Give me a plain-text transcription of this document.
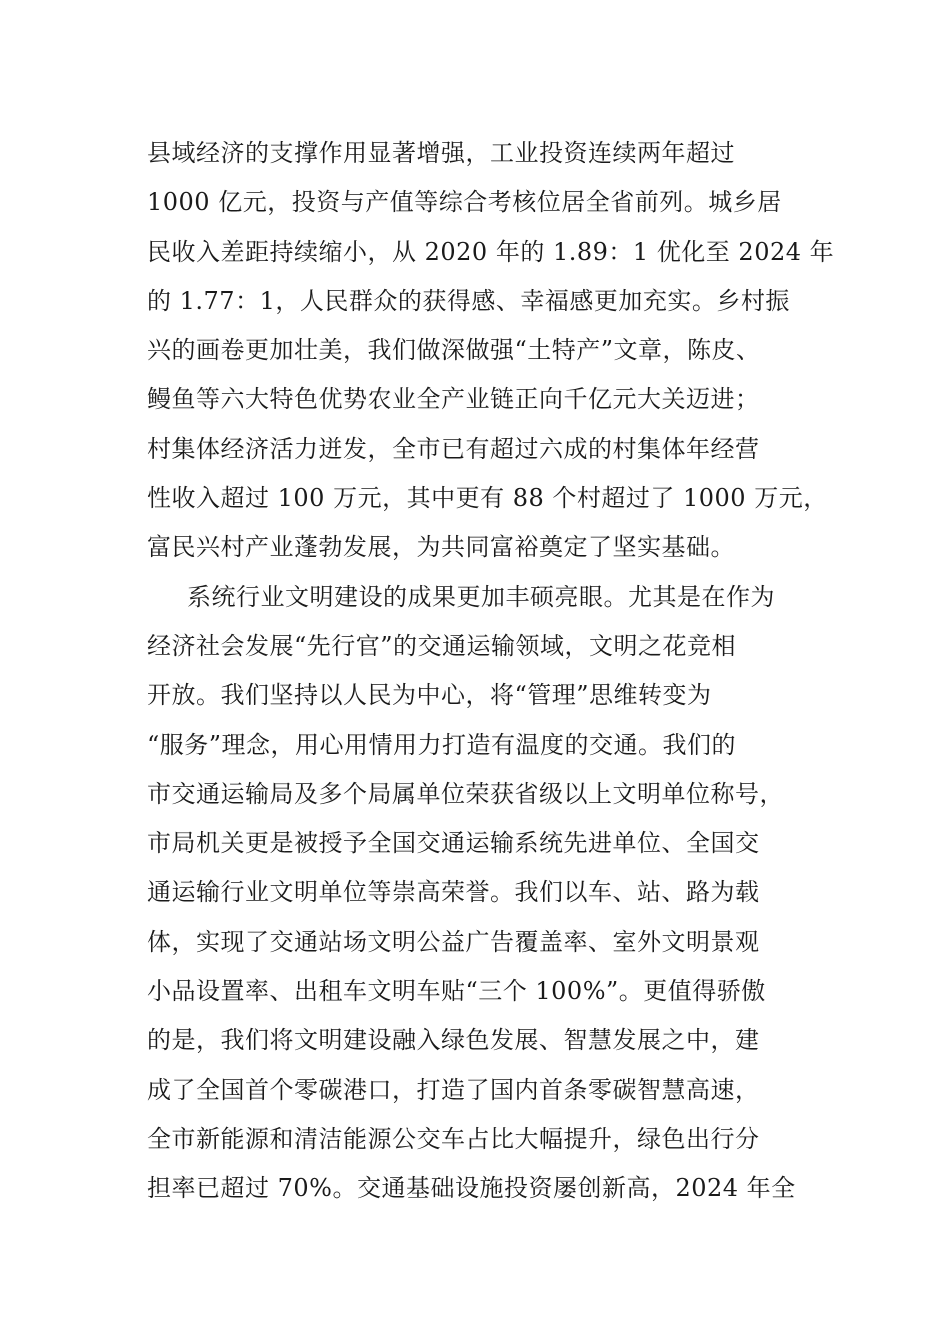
县域经济的支撑作用显著增强，工业投资连续两年超过
1000 亿元，投资与产值等综合考核位居全省前列。城乡居
民收入差距持续缩小，从 2020 年的 1.89：1 优化至 2024 年
的 1.77：1，人民群众的获得感、幸福感更加充实。乡村振
兴的画卷更加壮美，我们做深做强“土特产”文章，陈皮、
鳗鱼等六大特色优势农业全产业链正向千亿元大关迈进；
村集体经济活力迸发，全市已有超过六成的村集体年经营
性收入超过 100 万元，其中更有 88 个村超过了 1000 万元，
富民兴村产业蓬勃发展，为共同富裕奠定了坚实基础。
系统行业文明建设的成果更加丰硕亮眼。尤其是在作为
经济社会发展“先行官”的交通运输领域，文明之花竞相
开放。我们坚持以人民为中心，将“管理”思维转变为
“服务”理念，用心用情用力打造有温度的交通。我们的
市交通运输局及多个局属单位荣获省级以上文明单位称号，
市局机关更是被授予全国交通运输系统先进单位、全国交
通运输行业文明单位等崇高荣誉。我们以车、站、路为载
体，实现了交通站场文明公益广告覆盖率、室外文明景观
小品设置率、出租车文明车贴“三个 100%”。更值得骄傲
的是，我们将文明建设融入绿色发展、智慧发展之中，建
成了全国首个零碳港口，打造了国内首条零碳智慧高速，
全市新能源和清洁能源公交车占比大幅提升，绿色出行分
担率已超过 70%。交通基础设施投资屡创新高，2024 年全
